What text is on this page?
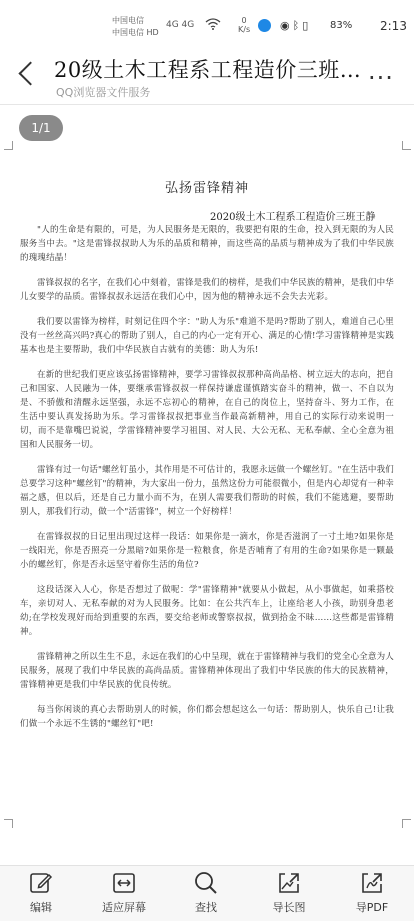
中国电信
中国电信 HD
4G 4G	0
K/s	◉ᛒ▯ 83% 2:13
20级土木工程系工程造价三班…
QQ浏览器文件服务
···
1/1
弘扬雷锋精神
2020级土木工程系工程造价三班王静

"人的生命是有限的，可是，为人民服务是无限的，我要把有限的生命，投入到无限的为人民服务当中去。"这是雷锋叔叔助人为乐的品质和精神，而这些高的品质与精神成为了我们中华民族的瑰瑰结晶！

雷锋叔叔的名字，在我们心中刻着，雷锋是我们的榜样，是我们中华民族的精神，是我们中华儿女要学的品质。雷锋叔叔永远活在我们心中，因为他的精神永远不会失去光彩。

我们要以雷锋为榜样，时刻记住四个字："助人为乐"难道不是吗?帮助了别人，难道自己心里没有一丝丝高兴吗?真心的帮助了别人，自己的内心一定有开心、满足的心情!学习雷锋精神是实践基本也是主要帮助，我们中华民族自古就有的美德：助人为乐!

在新的世纪我们更应该弘扬雷锋精神，要学习雷锋叔叔那种高尚品格、树立远大的志向，把自己和国家、人民融为一体，要继承雷锋叔叔一样保持谦虚谨慎踏实奋斗的精神，做一、不自以为是、不骄傲和清醒永远坚强，永远不忘初心的精神，在自己的岗位上，坚持奋斗、努力工作，在生活中要认真发扬助为乐。学习雷锋叔叔把事业当作最高新精神，用自己的实际行动来说明一切，而不是靠嘴巴说说，学雷锋精神要学习祖国、对人民、大公无私、无私奉献、全心全意为祖国和人民服务一切。

雷锋有过一句话"螺丝钉虽小，其作用是不可估计的，我愿永远做一个螺丝钉。"在生活中我们总要学习这种"螺丝钉"的精神，为大家出一份力，虽然这份力可能很微小，但是内心却觉有一种幸福之感，但以后，还是自己力量小而不为，在别人需要我们帮助的时候，我们不能逃避，要帮助别人，那我们行动，做一个"活雷锋"，树立一个好榜样！

在雷锋叔叔的日记里出现过这样一段话：如果你是一滴水，你是否滋润了一寸土地?如果你是一线阳光，你是否照亮一分黑暗?如果你是一粒粮食，你是否哺育了有用的生命?如果你是一颗最小的螺丝钉，你是否永远坚守着你生活的角位?

这段话深入人心，你是否想过了做呢：学"雷锋精神"就要从小做起，从小事做起，如乘搭校车，亲切对人、无私奉献的对为人民服务。比如：在公共汽车上，让座给老人小孩，助别身患老幼;在学校发现好而给到重要的东西，要交给老师或警察叔叔，做到拾金不昧……这些都是雷锋精神。

雷锋精神之所以生生不息，永远在我们的心中呈现，就在于雷锋精神与我们的党全心全意为人民服务，展现了我们中华民族的高尚品质。雷锋精神体现出了我们中华民族的伟大的民族精神，雷锋精神更是我们中华民族的优良传统。

每当你闲谈的真心去帮助别人的时候，你们都会想起这么一句话：帮助别人，快乐自己!让我们做一个永远不生锈的"螺丝钉"吧!

编辑	适应屏幕	查找	导长图	导PDF
